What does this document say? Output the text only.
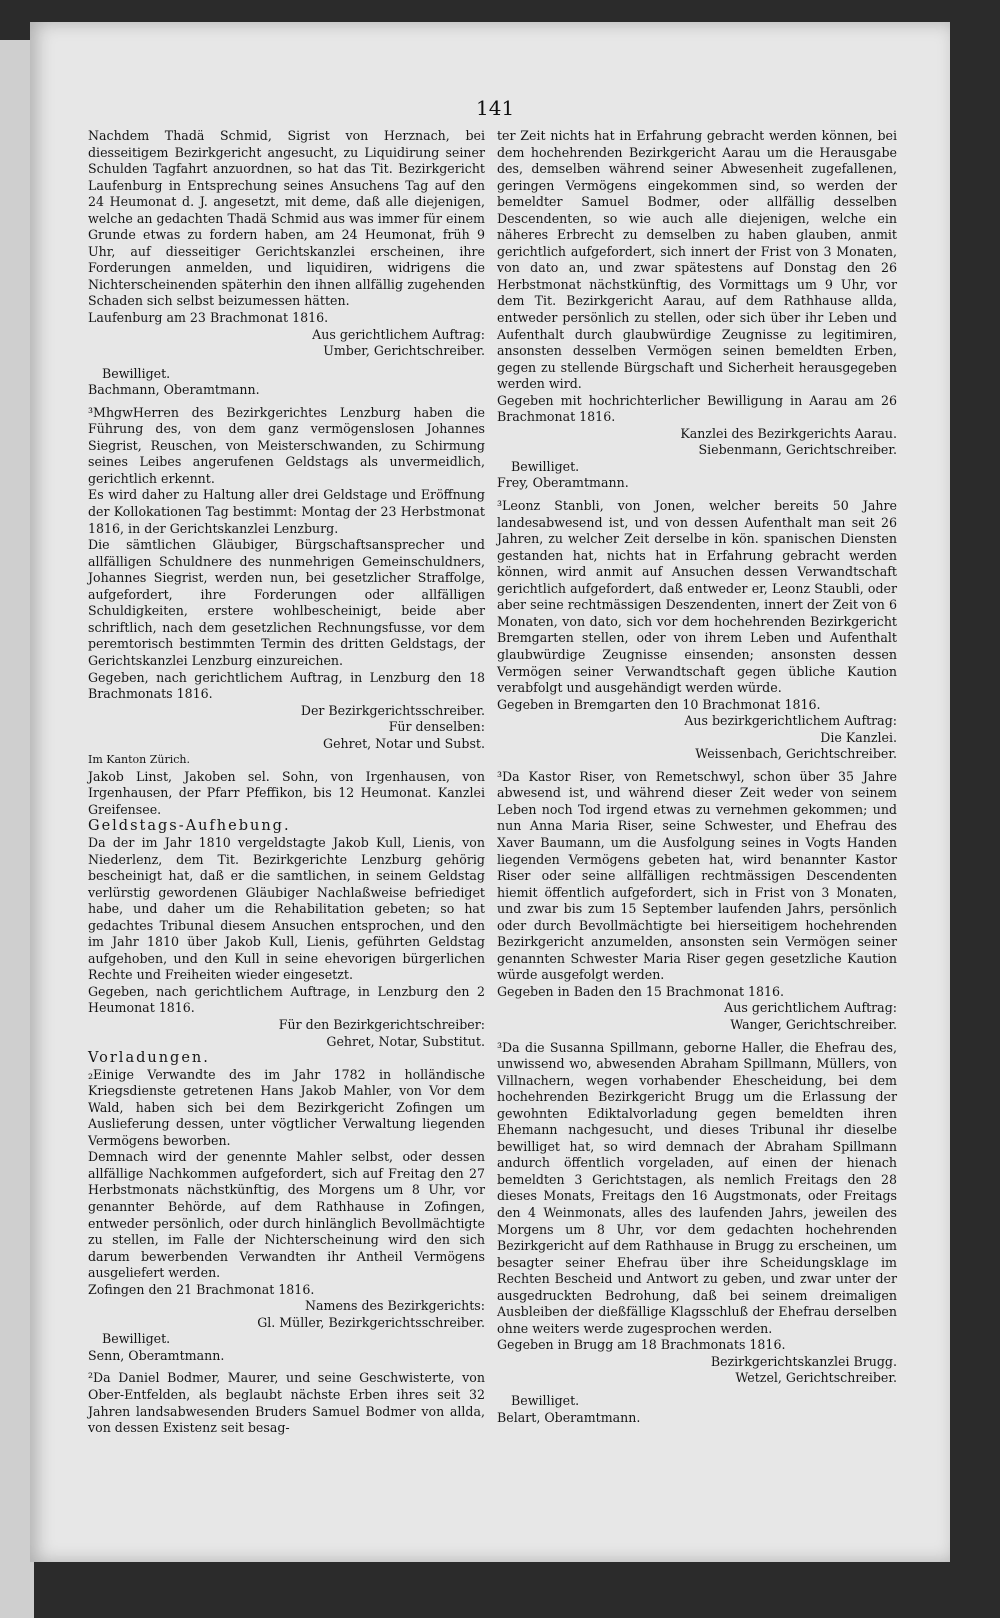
141

Nachdem Thadä Schmid, Sigrist von Herznach, bei diesseitigem Bezirkgericht angesucht, zu Liquidirung seiner Schulden Tagfahrt anzuordnen, so hat das Tit. Bezirkgericht Laufenburg in Entsprechung seines Ansuchens Tag auf den 24 Heumonat d. J. angesetzt, mit deme, daß alle diejenigen, welche an gedachten Thadä Schmid aus was immer für einem Grunde etwas zu fordern haben, am 24 Heumonat, früh 9 Uhr, auf diesseitiger Gerichtskanzlei erscheinen, ihre Forderungen anmelden, und liquidiren, widrigens die Nichterscheinenden späterhin den ihnen allfällig zugehenden Schaden sich selbst beizumessen hätten.

Laufenburg am 23 Brachmonat 1816.

Aus gerichtlichem Auftrag:

Umber, Gerichtschreiber.

Bewilliget.

Bachmann, Oberamtmann.

³MhgwHerren des Bezirkgerichtes Lenzburg haben die Führung des, von dem ganz vermögenslosen Johannes Siegrist, Reuschen, von Meisterschwanden, zu Schirmung seines Leibes angerufenen Geldstags als unvermeidlich, gerichtlich erkennt.

Es wird daher zu Haltung aller drei Geldstage und Eröffnung der Kollokationen Tag bestimmt: Montag der 23 Herbstmonat 1816, in der Gerichtskanzlei Lenzburg.

Die sämtlichen Gläubiger, Bürgschaftsansprecher und allfälligen Schuldnere des nunmehrigen Gemeinschuldners, Johannes Siegrist, werden nun, bei gesetzlicher Straffolge, aufgefordert, ihre Forderungen oder allfälligen Schuldigkeiten, erstere wohlbescheinigt, beide aber schriftlich, nach dem gesetzlichen Rechnungsfusse, vor dem peremtorisch bestimmten Termin des dritten Geldstags, der Gerichtskanzlei Lenzburg einzureichen.

Gegeben, nach gerichtlichem Auftrag, in Lenzburg den 18 Brachmonats 1816.

Der Bezirkgerichtsschreiber.

Für denselben:

Gehret, Notar und Subst.

Im Kanton Zürich.

Jakob Linst, Jakoben sel. Sohn, von Irgenhausen, von Irgenhausen, der Pfarr Pfeffikon, bis 12 Heumonat. Kanzlei Greifensee.

Geldstags-Aufhebung.

Da der im Jahr 1810 vergeldstagte Jakob Kull, Lienis, von Niederlenz, dem Tit. Bezirkgerichte Lenzburg gehörig bescheinigt hat, daß er die samtlichen, in seinem Geldstag verlürstig gewordenen Gläubiger Nachlaßweise befriediget habe, und daher um die Rehabilitation gebeten; so hat gedachtes Tribunal diesem Ansuchen entsprochen, und den im Jahr 1810 über Jakob Kull, Lienis, geführten Geldstag aufgehoben, und den Kull in seine ehevorigen bürgerlichen Rechte und Freiheiten wieder eingesetzt.

Gegeben, nach gerichtlichem Auftrage, in Lenzburg den 2 Heumonat 1816.

Für den Bezirkgerichtschreiber:

Gehret, Notar, Substitut.

Vorladungen.

₂Einige Verwandte des im Jahr 1782 in holländische Kriegsdienste getretenen Hans Jakob Mahler, von Vor dem Wald, haben sich bei dem Bezirkgericht Zofingen um Auslieferung dessen, unter vögtlicher Verwaltung liegenden Vermögens beworben.

Demnach wird der genennte Mahler selbst, oder dessen allfällige Nachkommen aufgefordert, sich auf Freitag den 27 Herbstmonats nächstkünftig, des Morgens um 8 Uhr, vor genannter Behörde, auf dem Rathhause in Zofingen, entweder persönlich, oder durch hinlänglich Bevollmächtigte zu stellen, im Falle der Nichterscheinung wird den sich darum bewerbenden Verwandten ihr Antheil Vermögens ausgeliefert werden.

Zofingen den 21 Brachmonat 1816.

Namens des Bezirkgerichts:

Gl. Müller, Bezirkgerichtsschreiber.

Bewilliget.

Senn, Oberamtmann.

²Da Daniel Bodmer, Maurer, und seine Geschwisterte, von Ober-Entfelden, als beglaubt nächste Erben ihres seit 32 Jahren landsabwesenden Bruders Samuel Bodmer von allda, von dessen Existenz seit besag-

ter Zeit nichts hat in Erfahrung gebracht werden können, bei dem hochehrenden Bezirkgericht Aarau um die Herausgabe des, demselben während seiner Abwesenheit zugefallenen, geringen Vermögens eingekommen sind, so werden der bemeldter Samuel Bodmer, oder allfällig desselben Descendenten, so wie auch alle diejenigen, welche ein näheres Erbrecht zu demselben zu haben glauben, anmit gerichtlich aufgefordert, sich innert der Frist von 3 Monaten, von dato an, und zwar spätestens auf Donstag den 26 Herbstmonat nächstkünftig, des Vormittags um 9 Uhr, vor dem Tit. Bezirkgericht Aarau, auf dem Rathhause allda, entweder persönlich zu stellen, oder sich über ihr Leben und Aufenthalt durch glaubwürdige Zeugnisse zu legitimiren, ansonsten desselben Vermögen seinen bemeldten Erben, gegen zu stellende Bürgschaft und Sicherheit herausgegeben werden wird.

Gegeben mit hochrichterlicher Bewilligung in Aarau am 26 Brachmonat 1816.

Kanzlei des Bezirkgerichts Aarau.

Siebenmann, Gerichtschreiber.

Bewilliget.

Frey, Oberamtmann.

³Leonz Stanbli, von Jonen, welcher bereits 50 Jahre landesabwesend ist, und von dessen Aufenthalt man seit 26 Jahren, zu welcher Zeit derselbe in kön. spanischen Diensten gestanden hat, nichts hat in Erfahrung gebracht werden können, wird anmit auf Ansuchen dessen Verwandtschaft gerichtlich aufgefordert, daß entweder er, Leonz Staubli, oder aber seine rechtmässigen Deszendenten, innert der Zeit von 6 Monaten, von dato, sich vor dem hochehrenden Bezirkgericht Bremgarten stellen, oder von ihrem Leben und Aufenthalt glaubwürdige Zeugnisse einsenden; ansonsten dessen Vermögen seiner Verwandtschaft gegen übliche Kaution verabfolgt und ausgehändigt werden würde.

Gegeben in Bremgarten den 10 Brachmonat 1816.

Aus bezirkgerichtlichem Auftrag:

Die Kanzlei.

Weissenbach, Gerichtschreiber.

³Da Kastor Riser, von Remetschwyl, schon über 35 Jahre abwesend ist, und während dieser Zeit weder von seinem Leben noch Tod irgend etwas zu vernehmen gekommen; und nun Anna Maria Riser, seine Schwester, und Ehefrau des Xaver Baumann, um die Ausfolgung seines in Vogts Handen liegenden Vermögens gebeten hat, wird benannter Kastor Riser oder seine allfälligen rechtmässigen Descendenten hiemit öffentlich aufgefordert, sich in Frist von 3 Monaten, und zwar bis zum 15 September laufenden Jahrs, persönlich oder durch Bevollmächtigte bei hierseitigem hochehrenden Bezirkgericht anzumelden, ansonsten sein Vermögen seiner genannten Schwester Maria Riser gegen gesetzliche Kaution würde ausgefolgt werden.

Gegeben in Baden den 15 Brachmonat 1816.

Aus gerichtlichem Auftrag:

Wanger, Gerichtschreiber.

³Da die Susanna Spillmann, geborne Haller, die Ehefrau des, unwissend wo, abwesenden Abraham Spillmann, Müllers, von Villnachern, wegen vorhabender Ehescheidung, bei dem hochehrenden Bezirkgericht Brugg um die Erlassung der gewohnten Ediktalvorladung gegen bemeldten ihren Ehemann nachgesucht, und dieses Tribunal ihr dieselbe bewilliget hat, so wird demnach der Abraham Spillmann andurch öffentlich vorgeladen, auf einen der hienach bemeldten 3 Gerichtstagen, als nemlich Freitags den 28 dieses Monats, Freitags den 16 Augstmonats, oder Freitags den 4 Weinmonats, alles des laufenden Jahrs, jeweilen des Morgens um 8 Uhr, vor dem gedachten hochehrenden Bezirkgericht auf dem Rathhause in Brugg zu erscheinen, um besagter seiner Ehefrau über ihre Scheidungsklage im Rechten Bescheid und Antwort zu geben, und zwar unter der ausgedruckten Bedrohung, daß bei seinem dreimaligen Ausbleiben der dießfällige Klagsschluß der Ehefrau derselben ohne weiters werde zugesprochen werden.

Gegeben in Brugg am 18 Brachmonats 1816.

Bezirkgerichtskanzlei Brugg.

Wetzel, Gerichtschreiber.

Bewilliget.

Belart, Oberamtmann.
